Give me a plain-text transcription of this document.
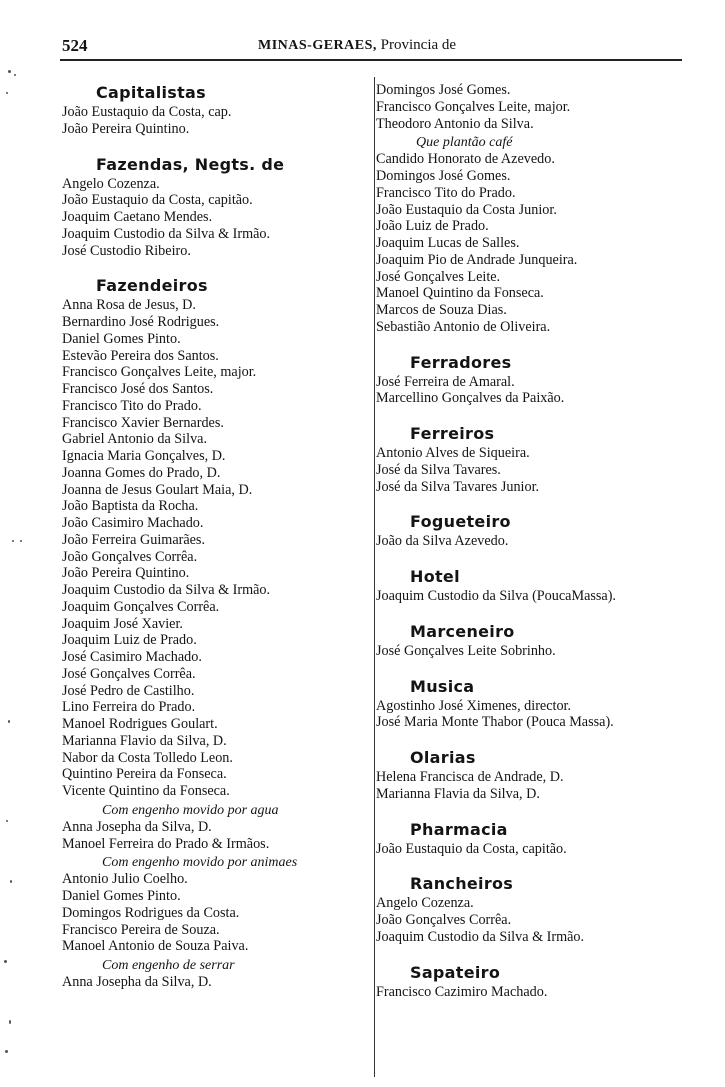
524	MINAS-GERAES, Provincia de
Capitalistas
João Eustaquio da Costa, cap.
João Pereira Quintino.
Fazendas, Negts. de
Angelo Cozenza.
João Eustaquio da Costa, capitão.
Joaquim Caetano Mendes.
Joaquim Custodio da Silva & Irmão.
José Custodio Ribeiro.
Fazendeiros
Anna Rosa de Jesus, D.
Bernardino José Rodrigues.
Daniel Gomes Pinto.
Estevão Pereira dos Santos.
Francisco Gonçalves Leite, major.
Francisco José dos Santos.
Francisco Tito do Prado.
Francisco Xavier Bernardes.
Gabriel Antonio da Silva.
Ignacia Maria Gonçalves, D.
Joanna Gomes do Prado, D.
Joanna de Jesus Goulart Maia, D.
João Baptista da Rocha.
João Casimiro Machado.
João Ferreira Guimarães.
João Gonçalves Corrêa.
João Pereira Quintino.
Joaquim Custodio da Silva & Irmão.
Joaquim Gonçalves Corrêa.
Joaquim José Xavier.
Joaquim Luiz de Prado.
José Casimiro Machado.
José Gonçalves Corrêa.
José Pedro de Castilho.
Lino Ferreira do Prado.
Manoel Rodrigues Goulart.
Marianna Flavio da Silva, D.
Nabor da Costa Tolledo Leon.
Quintino Pereira da Fonseca.
Vicente Quintino da Fonseca.
Com engenho movido por agua
Anna Josepha da Silva, D.
Manoel Ferreira do Prado & Irmãos.
Com engenho movido por animaes
Antonio Julio Coelho.
Daniel Gomes Pinto.
Domingos Rodrigues da Costa.
Francisco Pereira de Souza.
Manoel Antonio de Souza Paiva.
Com engenho de serrar
Anna Josepha da Silva, D.
Domingos José Gomes.
Francisco Gonçalves Leite, major.
Theodoro Antonio da Silva.
Que plantão café
Candido Honorato de Azevedo.
Domingos José Gomes.
Francisco Tito do Prado.
João Eustaquio da Costa Junior.
João Luiz de Prado.
Joaquim Lucas de Salles.
Joaquim Pio de Andrade Junqueira.
José Gonçalves Leite.
Manoel Quintino da Fonseca.
Marcos de Souza Dias.
Sebastião Antonio de Oliveira.
Ferradores
José Ferreira de Amaral.
Marcellino Gonçalves da Paixão.
Ferreiros
Antonio Alves de Siqueira.
José da Silva Tavares.
José da Silva Tavares Junior.
Fogueteiro
João da Silva Azevedo.
Hotel
Joaquim Custodio da Silva (PoucaMassa).
Marceneiro
José Gonçalves Leite Sobrinho.
Musica
Agostinho José Ximenes, director.
José Maria Monte Thabor (Pouca Massa).
Olarias
Helena Francisca de Andrade, D.
Marianna Flavia da Silva, D.
Pharmacia
João Eustaquio da Costa, capitão.
Rancheiros
Angelo Cozenza.
João Gonçalves Corrêa.
Joaquim Custodio da Silva & Irmão.
Sapateiro
Francisco Cazimiro Machado.
